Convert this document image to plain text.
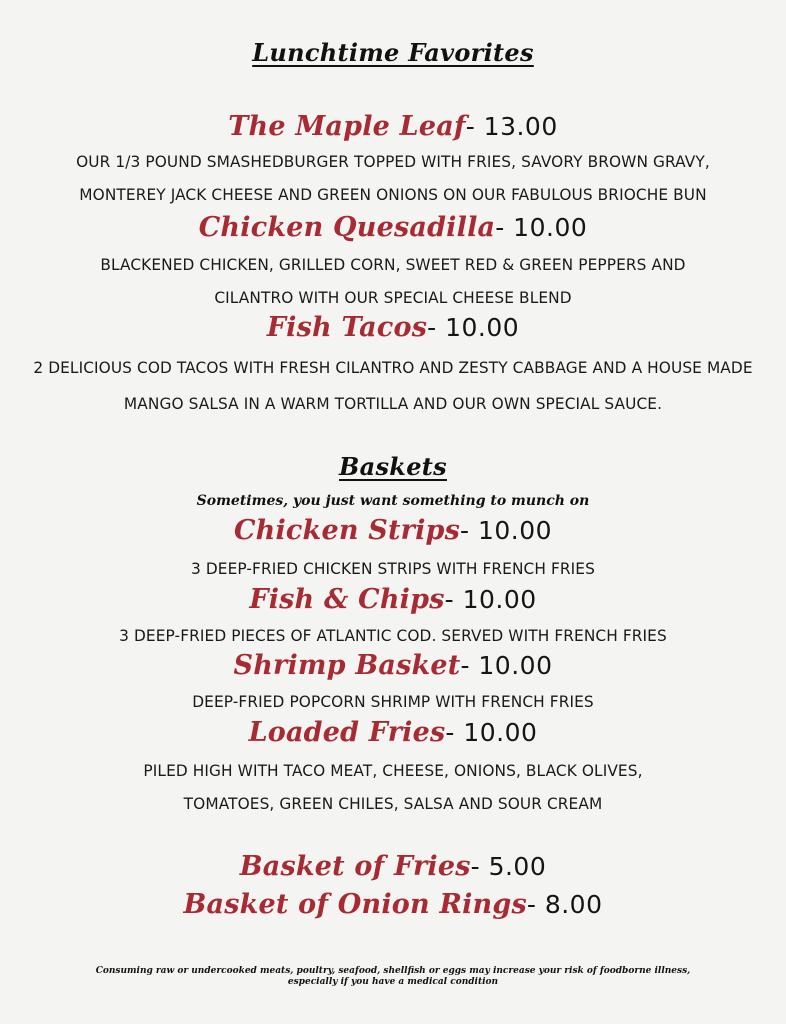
Lunchtime Favorites
The Maple Leaf- 13.00
OUR 1/3 POUND SMASHEDBURGER TOPPED WITH FRIES, SAVORY BROWN GRAVY,
MONTEREY JACK CHEESE AND GREEN ONIONS ON OUR FABULOUS BRIOCHE BUN
Chicken Quesadilla- 10.00
BLACKENED CHICKEN, GRILLED CORN, SWEET RED & GREEN PEPPERS AND
CILANTRO WITH OUR SPECIAL CHEESE BLEND
Fish Tacos- 10.00
2 DELICIOUS COD TACOS WITH FRESH CILANTRO AND ZESTY CABBAGE AND A HOUSE MADE
MANGO SALSA IN A WARM TORTILLA AND OUR OWN SPECIAL SAUCE.
Baskets
Sometimes, you just want something to munch on
Chicken Strips- 10.00
3 DEEP-FRIED CHICKEN STRIPS WITH FRENCH FRIES
Fish & Chips- 10.00
3 DEEP-FRIED PIECES OF ATLANTIC COD. SERVED WITH FRENCH FRIES
Shrimp Basket- 10.00
DEEP-FRIED POPCORN SHRIMP WITH FRENCH FRIES
Loaded Fries- 10.00
PILED HIGH WITH TACO MEAT, CHEESE, ONIONS, BLACK OLIVES,
TOMATOES, GREEN CHILES, SALSA AND SOUR CREAM
Basket of Fries- 5.00
Basket of Onion Rings- 8.00
Consuming raw or undercooked meats, poultry, seafood, shellfish or eggs may increase your risk of foodborne illness,
especially if you have a medical condition
